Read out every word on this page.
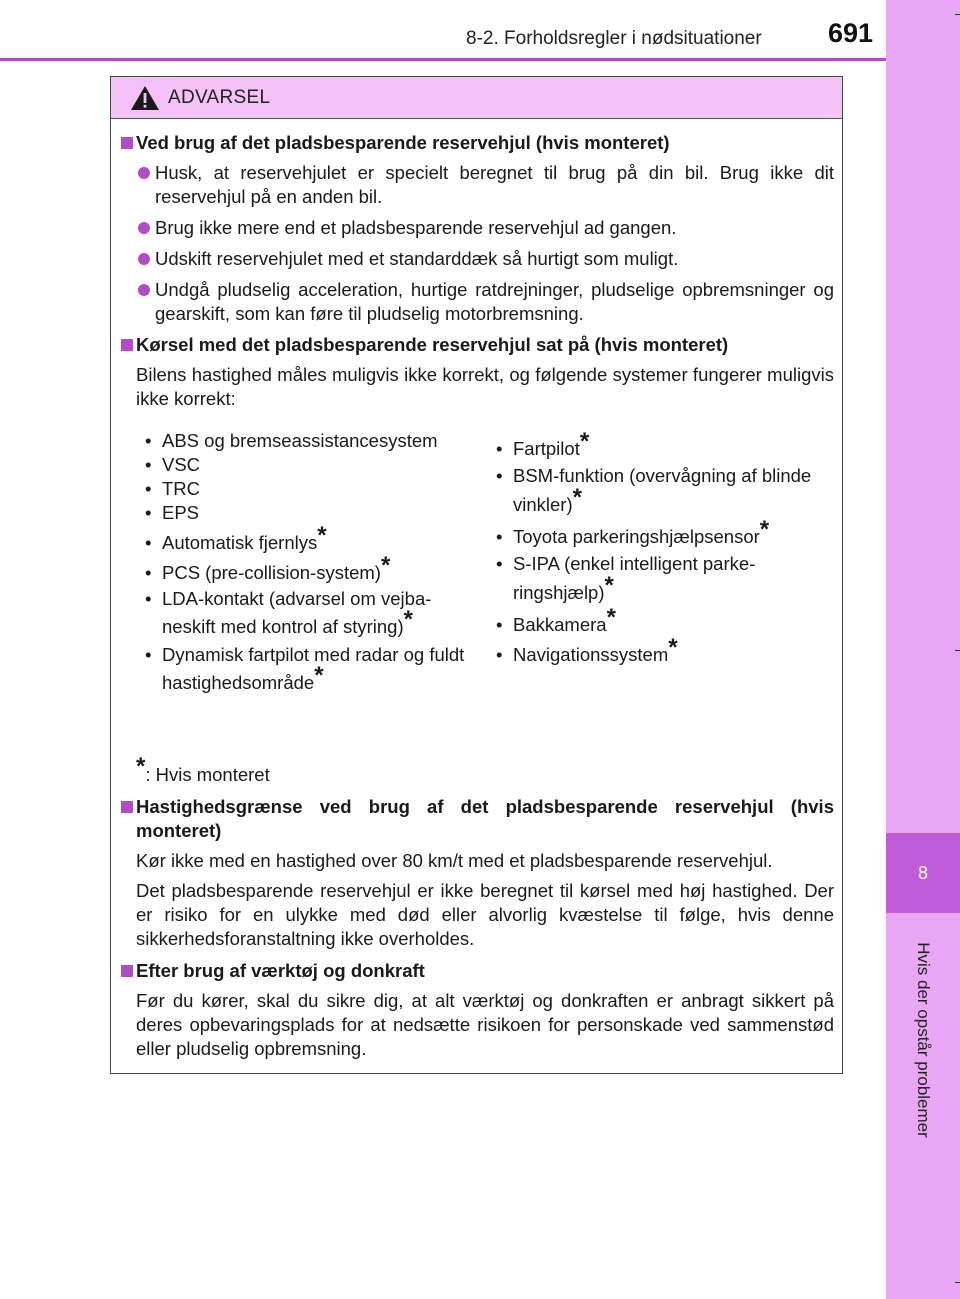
8-2. Forholdsregler i nødsituationer 691
8
Hvis der opstår problemer
ADVARSEL
Ved brug af det pladsbesparende reservehjul (hvis monteret)
Husk, at reservehjulet er specielt beregnet til brug på din bil. Brug ikke dit reservehjul på en anden bil.
Brug ikke mere end et pladsbesparende reservehjul ad gangen.
Udskift reservehjulet med et standarddæk så hurtigt som muligt.
Undgå pludselig acceleration, hurtige ratdrejninger, pludselige opbremsninger og gearskift, som kan føre til pludselig motorbremsning.
Kørsel med det pladsbesparende reservehjul sat på (hvis monteret)
Bilens hastighed måles muligvis ikke korrekt, og følgende systemer fungerer muligvis ikke korrekt:
• ABS og bremseassistancesystem
• VSC
• TRC
• EPS
• Automatisk fjernlys*
• PCS (pre-collision-system)*
• LDA-kontakt (advarsel om vejbaneskift med kontrol af styring)*
• Dynamisk fartpilot med radar og fuldt hastighedsområde*
• Fartpilot*
• BSM-funktion (overvågning af blinde vinkler)*
• Toyota parkeringshjælpsensor*
• S-IPA (enkel intelligent parkeringshjælp)*
• Bakkamera*
• Navigationssystem*
*: Hvis monteret
Hastighedsgrænse ved brug af det pladsbesparende reservehjul (hvis monteret)
Kør ikke med en hastighed over 80 km/t med et pladsbesparende reservehjul.
Det pladsbesparende reservehjul er ikke beregnet til kørsel med høj hastighed. Der er risiko for en ulykke med død eller alvorlig kvæstelse til følge, hvis denne sikkerhedsforanstaltning ikke overholdes.
Efter brug af værktøj og donkraft
Før du kører, skal du sikre dig, at alt værktøj og donkraften er anbragt sikkert på deres opbevaringsplads for at nedsætte risikoen for personskade ved sammenstød eller pludselig opbremsning.
